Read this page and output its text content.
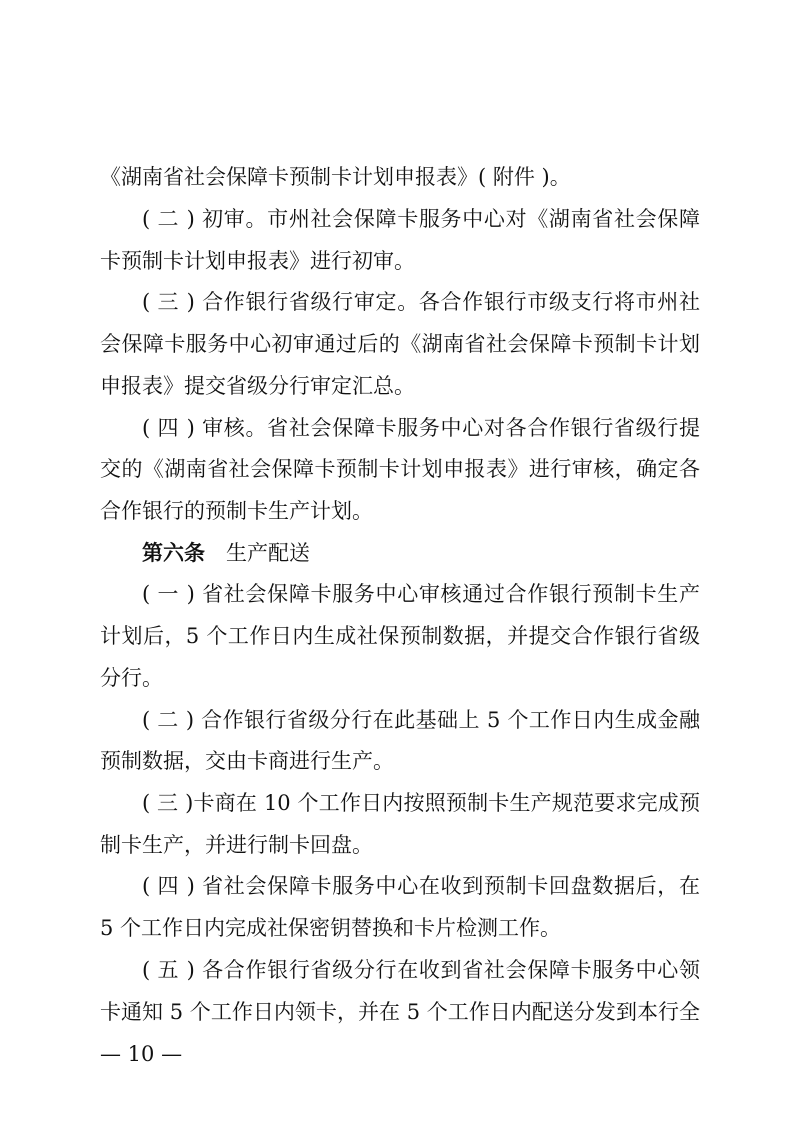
《湖南省社会保障卡预制卡计划申报表》( 附件 )。
( 二 ) 初审。市州社会保障卡服务中心对《湖南省社会保障
卡预制卡计划申报表》进行初审。
( 三 ) 合作银行省级行审定。各合作银行市级支行将市州社
会保障卡服务中心初审通过后的《湖南省社会保障卡预制卡计划
申报表》提交省级分行审定汇总。
( 四 ) 审核。省社会保障卡服务中心对各合作银行省级行提
交的《湖南省社会保障卡预制卡计划申报表》进行审核，确定各
合作银行的预制卡生产计划。
第六条 生产配送
( 一 ) 省社会保障卡服务中心审核通过合作银行预制卡生产
计划后，5 个工作日内生成社保预制数据，并提交合作银行省级
分行。
( 二 ) 合作银行省级分行在此基础上 5 个工作日内生成金融
预制数据，交由卡商进行生产。
( 三 )卡商在 10 个工作日内按照预制卡生产规范要求完成预
制卡生产，并进行制卡回盘。
( 四 ) 省社会保障卡服务中心在收到预制卡回盘数据后，在
5 个工作日内完成社保密钥替换和卡片检测工作。
( 五 ) 各合作银行省级分行在收到省社会保障卡服务中心领
卡通知 5 个工作日内领卡，并在 5 个工作日内配送分发到本行全
— 10 —
